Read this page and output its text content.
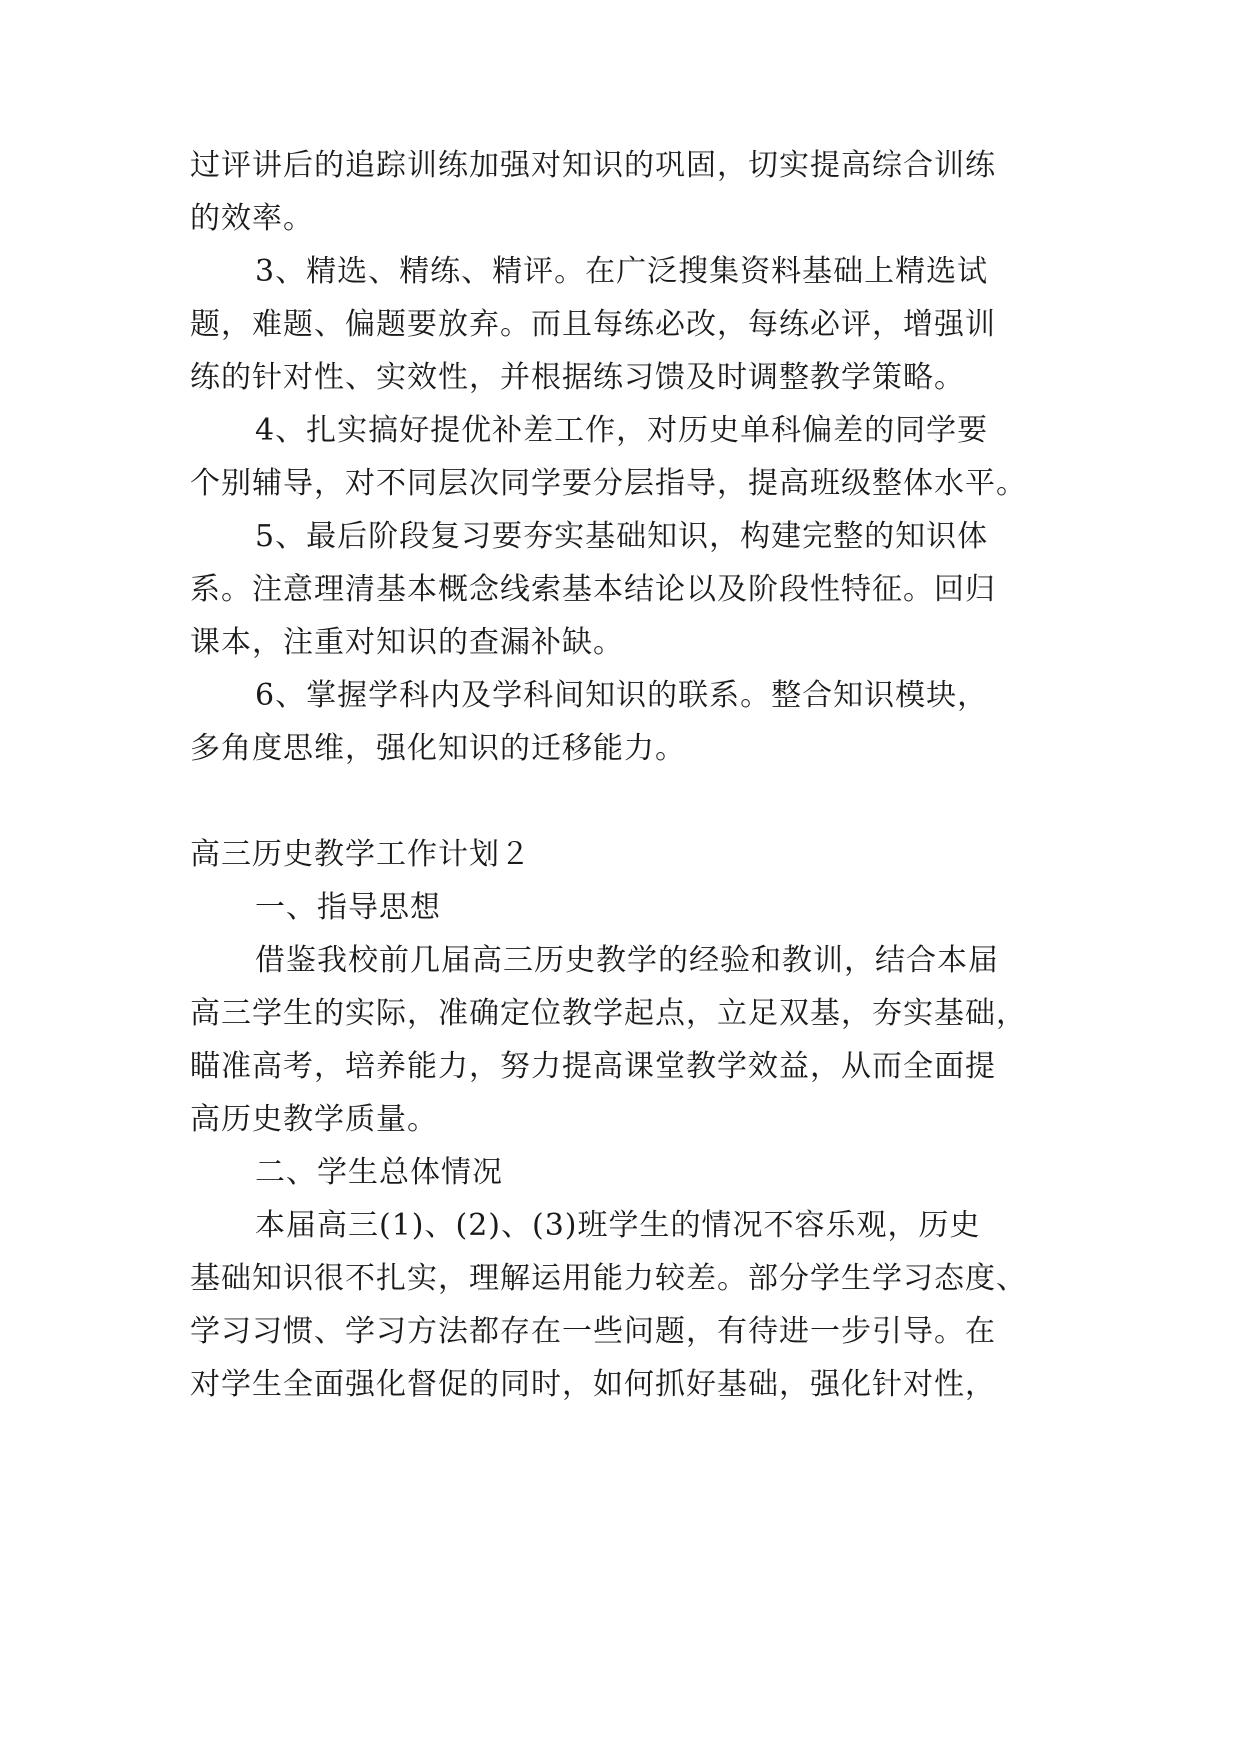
过评讲后的追踪训练加强对知识的巩固，切实提高综合训练
的效率。
3、精选、精练、精评。在广泛搜集资料基础上精选试
题，难题、偏题要放弃。而且每练必改，每练必评，增强训
练的针对性、实效性，并根据练习馈及时调整教学策略。
4、扎实搞好提优补差工作，对历史单科偏差的同学要
个别辅导，对不同层次同学要分层指导，提高班级整体水平。
5、最后阶段复习要夯实基础知识，构建完整的知识体
系。注意理清基本概念线索基本结论以及阶段性特征。回归
课本，注重对知识的查漏补缺。
6、掌握学科内及学科间知识的联系。整合知识模块，
多角度思维，强化知识的迁移能力。
高三历史教学工作计划２
一、指导思想
借鉴我校前几届高三历史教学的经验和教训，结合本届
高三学生的实际，准确定位教学起点，立足双基，夯实基础，
瞄准高考，培养能力，努力提高课堂教学效益，从而全面提
高历史教学质量。
二、学生总体情况
本届高三(1)、(2)、(3)班学生的情况不容乐观，历史
基础知识很不扎实，理解运用能力较差。部分学生学习态度、
学习习惯、学习方法都存在一些问题，有待进一步引导。在
对学生全面强化督促的同时，如何抓好基础，强化针对性，
